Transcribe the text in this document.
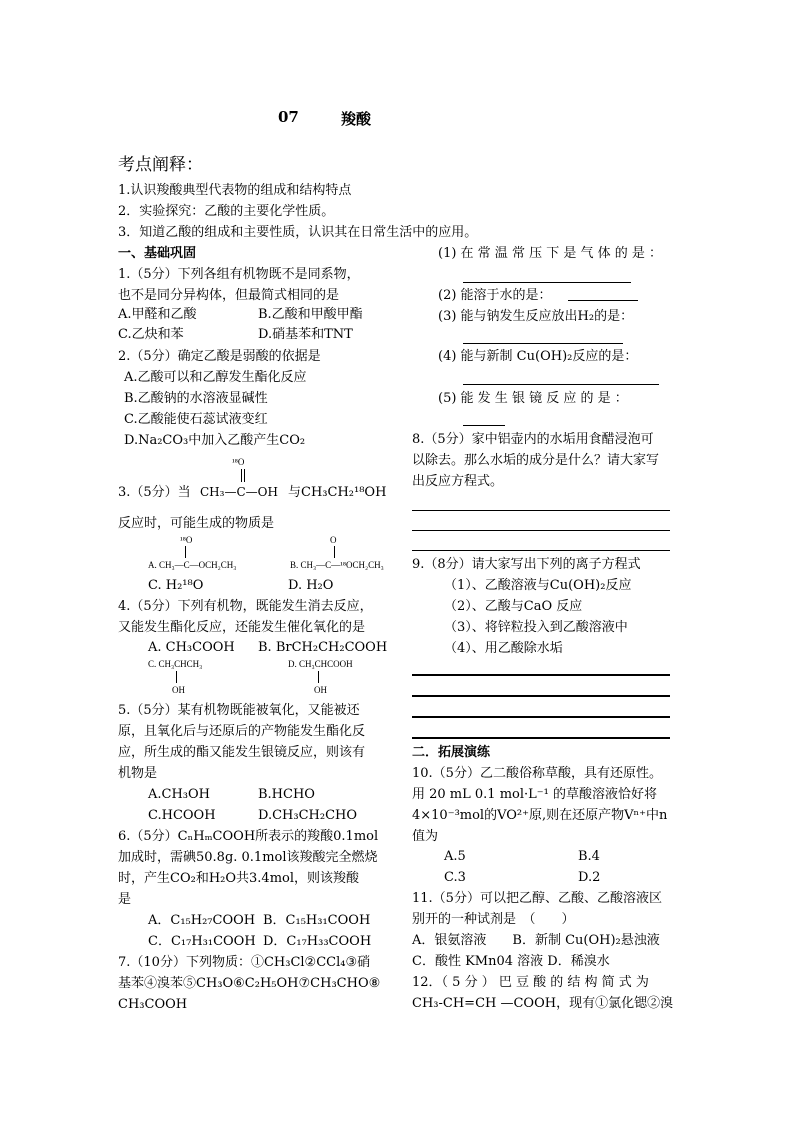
07	羧酸
考点阐释：
1.认识羧酸典型代表物的组成和结构特点
2．实验探究：乙酸的主要化学性质。
3．知道乙酸的组成和主要性质，认识其在日常生活中的应用。
一、基础巩固
1.（5分）下列各组有机物既不是同系物，
也不是同分异构体，但最简式相同的是
A.甲醛和乙酸	B.乙酸和甲酸甲酯
C.乙炔和苯	D.硝基苯和TNT
2.（5分）确定乙酸是弱酸的依据是
A.乙酸可以和乙醇发生酯化反应
B.乙酸钠的水溶液显碱性
C.乙酸能使石蕊试液变红
D.Na₂CO₃中加入乙酸产生CO₂
¹⁸O
3.（5分）当 CH₃—C—OH 与CH₃CH₂¹⁸OH
反应时，可能生成的物质是
¹⁸O
A. CH₃—C—OCH₂CH₃
O
B. CH₃—C—¹⁸OCH₂CH₃
C. H₂¹⁸O	D. H₂O
4.（5分）下列有机物，既能发生消去反应，
又能发生酯化反应，还能发生催化氧化的是
A. CH₃COOH B. BrCH₂CH₂COOH
C. CH₃CHCH₃
OH
D. CH₃CHCOOH
OH
5.（5分）某有机物既能被氧化，又能被还
原，且氧化后与还原后的产物能发生酯化反
应，所生成的酯又能发生银镜反应，则该有
机物是
A.CH₃OH	B.HCHO
C.HCOOH	D.CH₃CH₂CHO
6.（5分）CₙHₘCOOH所表示的羧酸0.1mol
加成时，需碘50.8g. 0.1mol该羧酸完全燃烧
时，产生CO₂和H₂O共3.4mol，则该羧酸
是
A．C₁₅H₂₇COOH B．C₁₅H₃₁COOH
C．C₁₇H₃₁COOH D．C₁₇H₃₃COOH
7.（10分）下列物质：①CH₃Cl②CCl₄③硝
基苯④溴苯⑤CH₃O⑥C₂H₅OH⑦CH₃CHO⑧
CH₃COOH
(1) 在 常 温 常 压 下 是 气 体 的 是 ：
(2) 能溶于水的是：
(3) 能与钠发生反应放出H₂的是：
(4) 能与新制 Cu(OH)₂反应的是：
(5) 能 发 生 银 镜 反 应 的 是 ：
8.（5分）家中铝壶内的水垢用食醋浸泡可
以除去。那么水垢的成分是什么？请大家写
出反应方程式。
9.（8分）请大家写出下列的离子方程式
（1）、乙酸溶液与Cu(OH)₂反应
（2）、乙酸与CaO 反应
（3）、将锌粒投入到乙酸溶液中
（4）、用乙酸除水垢
二．拓展演练
10.（5分）乙二酸俗称草酸，具有还原性。
用 20 mL 0.1 mol·L⁻¹ 的草酸溶液恰好将
4×10⁻³mol的VO²⁺原,则在还原产物Vⁿ⁺中n
值为
A.5	B.4
C.3	D.2
11.（5分）可以把乙醇、乙酸、乙酸溶液区
别开的一种试剂是　（　　）
A．银氨溶液　　B．新制 Cu(OH)₂悬浊液
C．酸性 KMn04 溶液 D．稀溴水
12．（ 5 分 ） 巴 豆 酸 的 结 构 简 式 为
CH₃-CH=CH —COOH，现有①氯化锶②溴
